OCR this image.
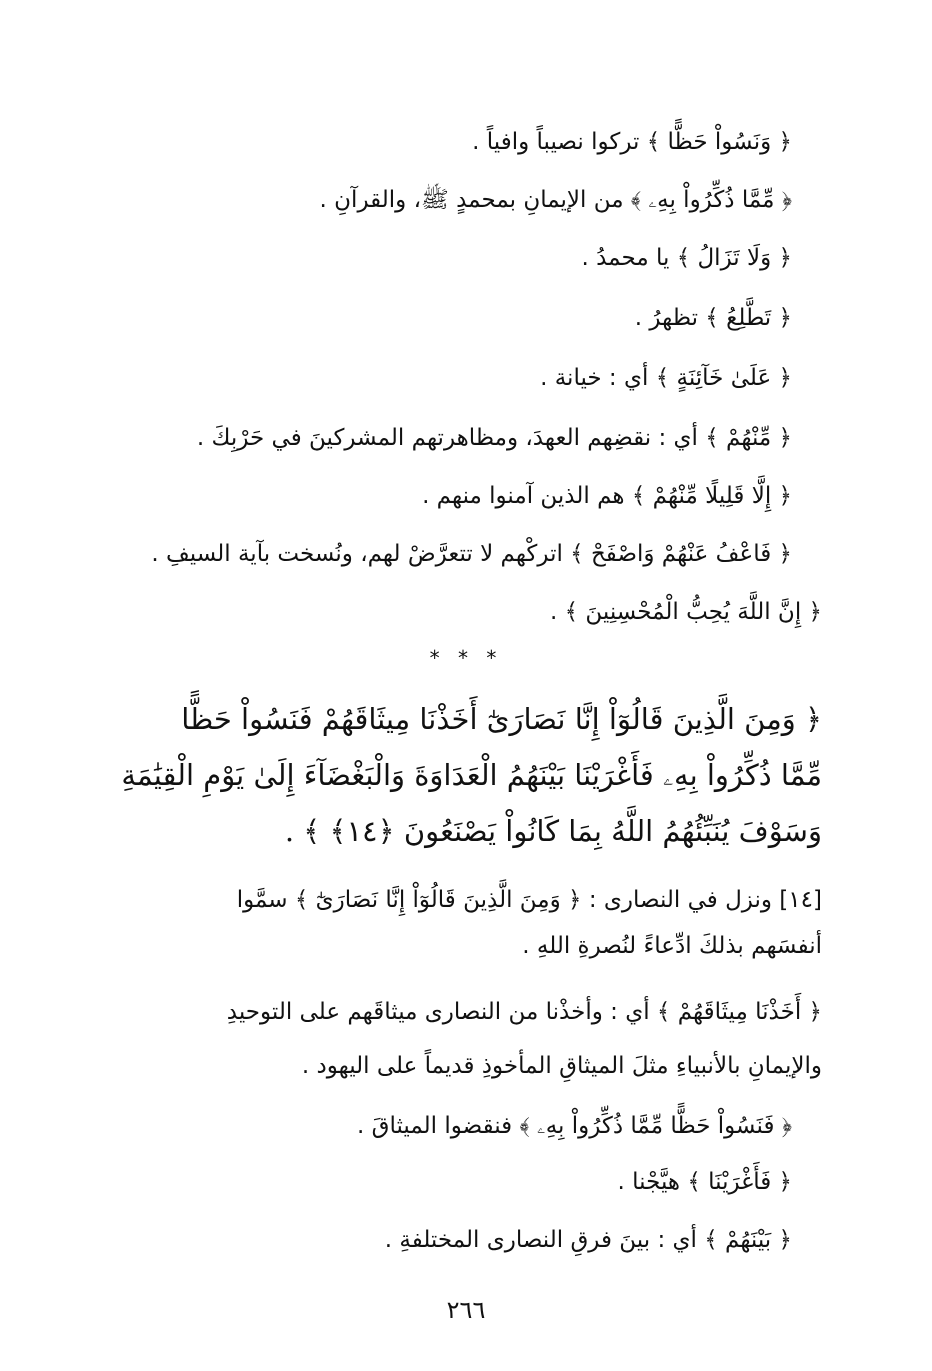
﴿ وَنَسُواْ حَظًّا ﴾ تركوا نصيباً وافياً .
﴿ مِّمَّا ذُكِّرُواْ بِهِۦ ﴾ من الإيمانِ بمحمدٍ ﷺ، والقرآنِ .
﴿ وَلَا تَزَالُ ﴾ يا محمدُ .
﴿ تَطَّلِعُ ﴾ تظهرُ .
﴿ عَلَىٰ خَآئِنَةٍ ﴾ أي : خيانة .
﴿ مِّنْهُمْ ﴾ أي : نقضِهم العهدَ، ومظاهرتهم المشركينَ في حَرْبِكَ .
﴿ إِلَّا قَلِيلًا مِّنْهُمْ ﴾ هم الذين آمنوا منهم .
﴿ فَاعْفُ عَنْهُمْ وَاصْفَحْ ﴾ اتركْهم لا تتعرَّضْ لهم، ونُسخت بآية السيفِ .
﴿ إِنَّ اللَّهَ يُحِبُّ الْمُحْسِنِينَ ﴾ .
* * *
﴿ وَمِنَ الَّذِينَ قَالُوٓاْ إِنَّا نَصَارَىٰٓ أَخَذْنَا مِيثَاقَهُمْ فَنَسُواْ حَظًّا
مِّمَّا ذُكِّرُواْ بِهِۦ فَأَغْرَيْنَا بَيْنَهُمُ الْعَدَاوَةَ وَالْبَغْضَآءَ إِلَىٰ يَوْمِ الْقِيَٰمَةِ
وَسَوْفَ يُنَبِّئُهُمُ اللَّهُ بِمَا كَانُواْ يَصْنَعُونَ ﴿١٤﴾ ﴾ .
[١٤] ونزل في النصارى : ﴿ وَمِنَ الَّذِينَ قَالُوٓاْ إِنَّا نَصَارَىٰٓ ﴾ سمَّوا
أنفسَهم بذلكَ ادِّعاءً لنُصرةِ اللهِ .
﴿ أَخَذْنَا مِيثَاقَهُمْ ﴾ أي : وأخذْنا من النصارى ميثاقَهم على التوحيدِ
والإيمانِ بالأنبياءِ مثلَ الميثاقِ المأخوذِ قديماً على اليهود .
﴿ فَنَسُواْ حَظًّا مِّمَّا ذُكِّرُواْ بِهِۦ ﴾ فنقضوا الميثاقَ .
﴿ فَأَغْرَيْنَا ﴾ هيَّجْنا .
﴿ بَيْنَهُمْ ﴾ أي : بينَ فرقِ النصارى المختلفةِ .
٢٦٦
